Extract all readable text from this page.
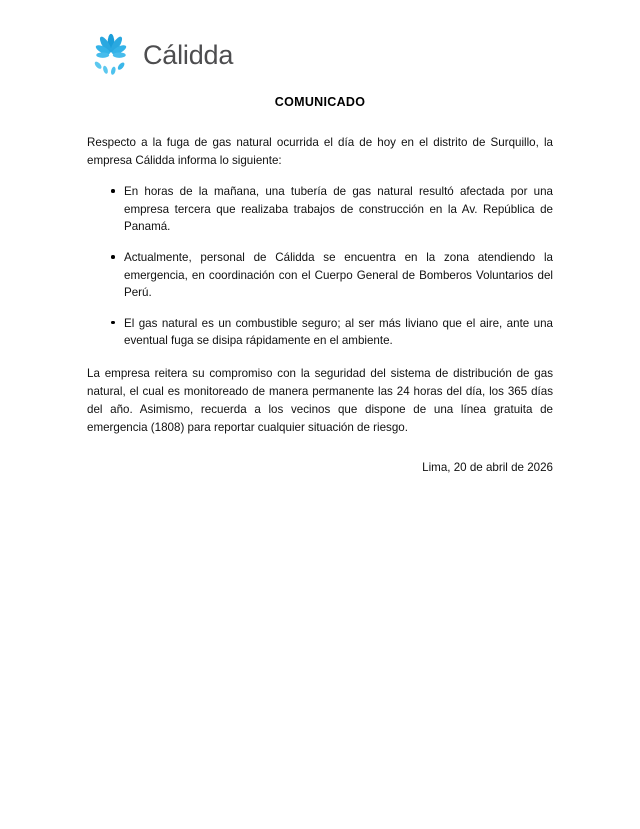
Cálidda
COMUNICADO

Respecto a la fuga de gas natural ocurrida el día de hoy en el distrito de Surquillo, la empresa Cálidda informa lo siguiente:

En horas de la mañana, una tubería de gas natural resultó afectada por una empresa tercera que realizaba trabajos de construcción en la Av. República de Panamá.
Actualmente, personal de Cálidda se encuentra en la zona atendiendo la emergencia, en coordinación con el Cuerpo General de Bomberos Voluntarios del Perú.
El gas natural es un combustible seguro; al ser más liviano que el aire, ante una eventual fuga se disipa rápidamente en el ambiente.

La empresa reitera su compromiso con la seguridad del sistema de distribución de gas natural, el cual es monitoreado de manera permanente las 24 horas del día, los 365 días del año. Asimismo, recuerda a los vecinos que dispone de una línea gratuita de emergencia (1808) para reportar cualquier situación de riesgo.

Lima, 20 de abril de 2026
